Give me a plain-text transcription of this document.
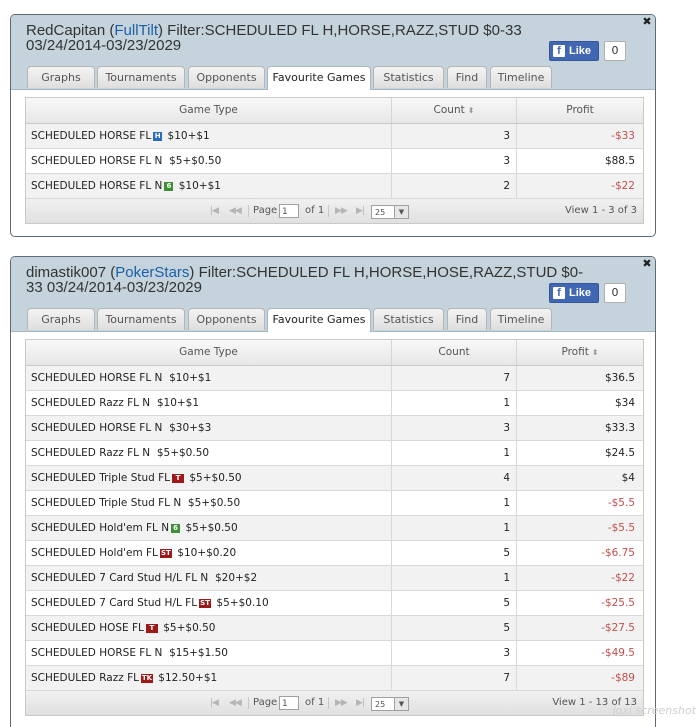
RedCapitan (FullTilt) Filter:SCHEDULED FL H,HORSE,RAZZ,STUD $0-33 03/24/2014-03/23/2029
✖
f Like	0
Graphs	Tournaments	Opponents	Favourite Games	Statistics	Find	Timeline
Game Type	Count ⬍	Profit
SCHEDULED HORSE FL H $10+$1	3	-$33
SCHEDULED HORSE FL N $5+$0.50	3	$88.5
SCHEDULED HORSE FL N 6 $10+$1	2	-$22
|◀ ◀◀ Page 1	of 1 ▶▶ ▶|	25	▼	View 1 - 3 of 3
dimastik007 (PokerStars) Filter:SCHEDULED FL H,HORSE,HOSE,RAZZ,STUD $0-33 03/24/2014-03/23/2029
✖
f Like	0
Graphs	Tournaments	Opponents	Favourite Games	Statistics	Find	Timeline
Game Type	Count	Profit ⬍
SCHEDULED HORSE FL N $10+$1	7	$36.5
SCHEDULED Razz FL N $10+$1	1	$34
SCHEDULED HORSE FL N $30+$3	3	$33.3
SCHEDULED Razz FL N $5+$0.50	1	$24.5
SCHEDULED Triple Stud FL T $5+$0.50	4	$4
SCHEDULED Triple Stud FL N $5+$0.50	1	-$5.5
SCHEDULED Hold'em FL N 6 $5+$0.50	1	-$5.5
SCHEDULED Hold'em FL ST $10+$0.20	5	-$6.75
SCHEDULED 7 Card Stud H/L FL N $20+$2	1	-$22
SCHEDULED 7 Card Stud H/L FL ST $5+$0.10	5	-$25.5
SCHEDULED HOSE FL T $5+$0.50	5	-$27.5
SCHEDULED HORSE FL N $15+$1.50	3	-$49.5
SCHEDULED Razz FL TK $12.50+$1	7	-$89
|◀ ◀◀ Page 1	of 1 ▶▶ ▶|	25	▼	View 1 - 13 of 13
joxi screenshot
